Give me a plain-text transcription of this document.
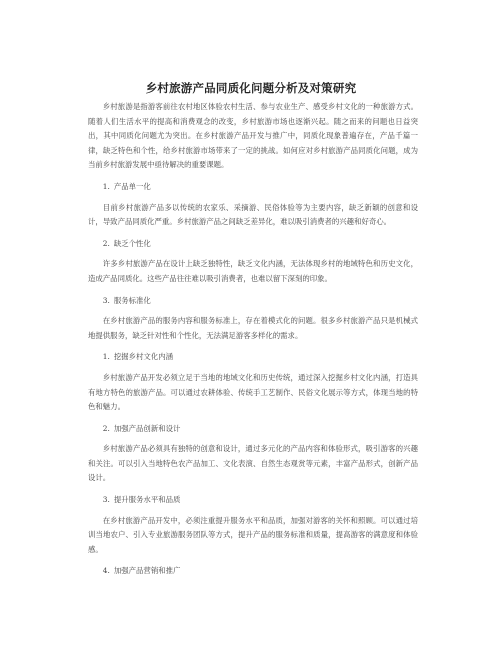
乡村旅游产品同质化问题分析及对策研究

乡村旅游是指游客前往农村地区体验农村生活、参与农业生产、感受乡村文化的一种旅游方式。随着人们生活水平的提高和消费观念的改变，乡村旅游市场也逐渐兴起。随之而来的问题也日益突出，其中同质化问题尤为突出。在乡村旅游产品开发与推广中，同质化现象普遍存在，产品千篇一律，缺乏特色和个性，给乡村旅游市场带来了一定的挑战。如何应对乡村旅游产品同质化问题，成为当前乡村旅游发展中亟待解决的重要课题。

1. 产品单一化

目前乡村旅游产品多以传统的农家乐、采摘游、民俗体验等为主要内容，缺乏新颖的创意和设计，导致产品同质化严重。乡村旅游产品之间缺乏差异化，难以吸引消费者的兴趣和好奇心。

2. 缺乏个性化

许多乡村旅游产品在设计上缺乏独特性，缺乏文化内涵，无法体现乡村的地域特色和历史文化，造成产品同质化。这些产品往往难以吸引消费者，也难以留下深刻的印象。

3. 服务标准化

在乡村旅游产品的服务内容和服务标准上，存在着模式化的问题。很多乡村旅游产品只是机械式地提供服务，缺乏针对性和个性化，无法满足游客多样化的需求。

1. 挖掘乡村文化内涵

乡村旅游产品开发必须立足于当地的地域文化和历史传统，通过深入挖掘乡村文化内涵，打造具有地方特色的旅游产品。可以通过农耕体验、传统手工艺制作、民俗文化展示等方式，体现当地的特色和魅力。

2. 加强产品创新和设计

乡村旅游产品必须具有独特的创意和设计，通过多元化的产品内容和体验形式，吸引游客的兴趣和关注。可以引入当地特色农产品加工、文化表演、自然生态观赏等元素，丰富产品形式，创新产品设计。

3. 提升服务水平和品质

在乡村旅游产品开发中，必须注重提升服务水平和品质，加强对游客的关怀和照顾。可以通过培训当地农户、引入专业旅游服务团队等方式，提升产品的服务标准和质量，提高游客的满意度和体验感。

4. 加强产品营销和推广
